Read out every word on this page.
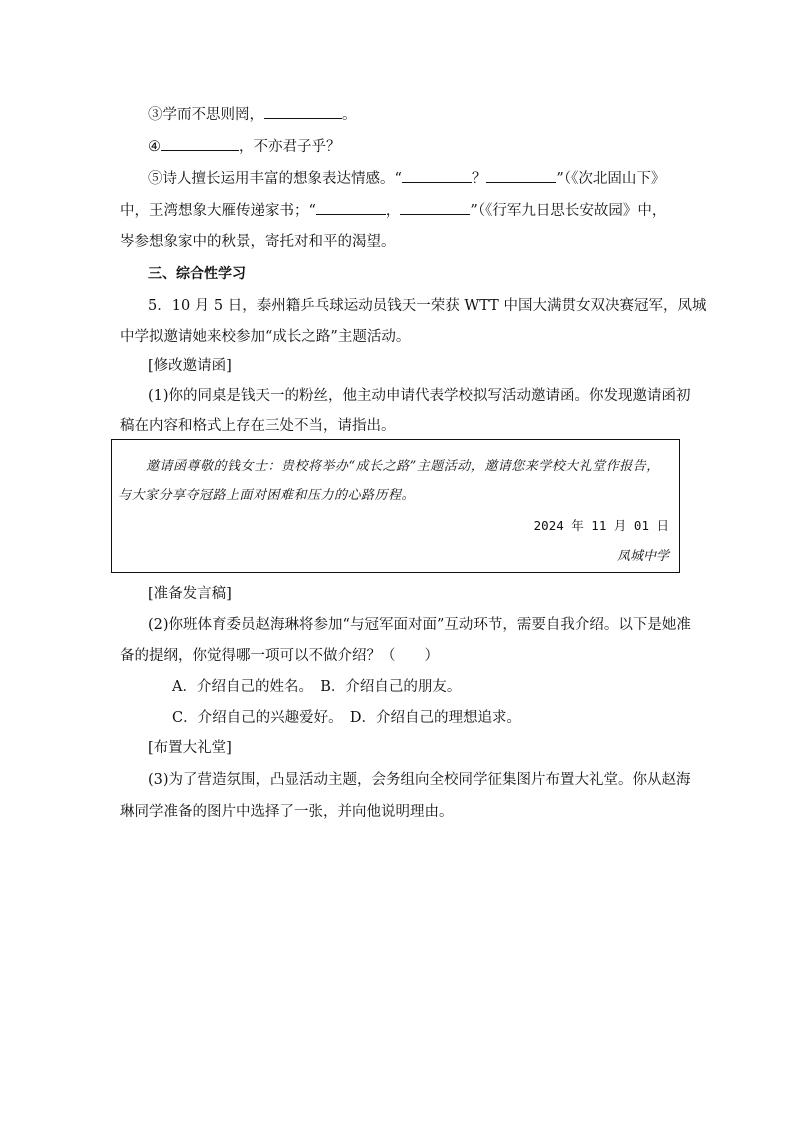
③学而不思则罔，	。
④	，不亦君子乎？
⑤诗人擅长运用丰富的想象表达情感。“	？	”（《次北固山下》
中，王湾想象大雁传递家书；“	，	”（《行军九日思长安故园》中，
岑参想象家中的秋景，寄托对和平的渴望。
三、综合性学习
5．10 月 5 日，泰州籍乒乓球运动员钱天一荣获 WTT 中国大满贯女双决赛冠军，凤城
中学拟邀请她来校参加“成长之路”主题活动。
[修改邀请函]
(1)你的同桌是钱天一的粉丝，他主动申请代表学校拟写活动邀请函。你发现邀请函初
稿在内容和格式上存在三处不当，请指出。
邀请函尊敬的钱女士：贵校将举办“成长之路”主题活动，邀请您来学校大礼堂作报告，
与大家分享夺冠路上面对困难和压力的心路历程。
2024 年 11 月 01 日
凤城中学
[准备发言稿]
(2)你班体育委员赵海琳将参加“与冠军面对面”互动环节，需要自我介绍。以下是她准
备的提纲，你觉得哪一项可以不做介绍？（　　）
A．介绍自己的姓名。　B．介绍自己的朋友。
C．介绍自己的兴趣爱好。　D．介绍自己的理想追求。
[布置大礼堂]
(3)为了营造氛围，凸显活动主题，会务组向全校同学征集图片布置大礼堂。你从赵海
琳同学准备的图片中选择了一张，并向他说明理由。
